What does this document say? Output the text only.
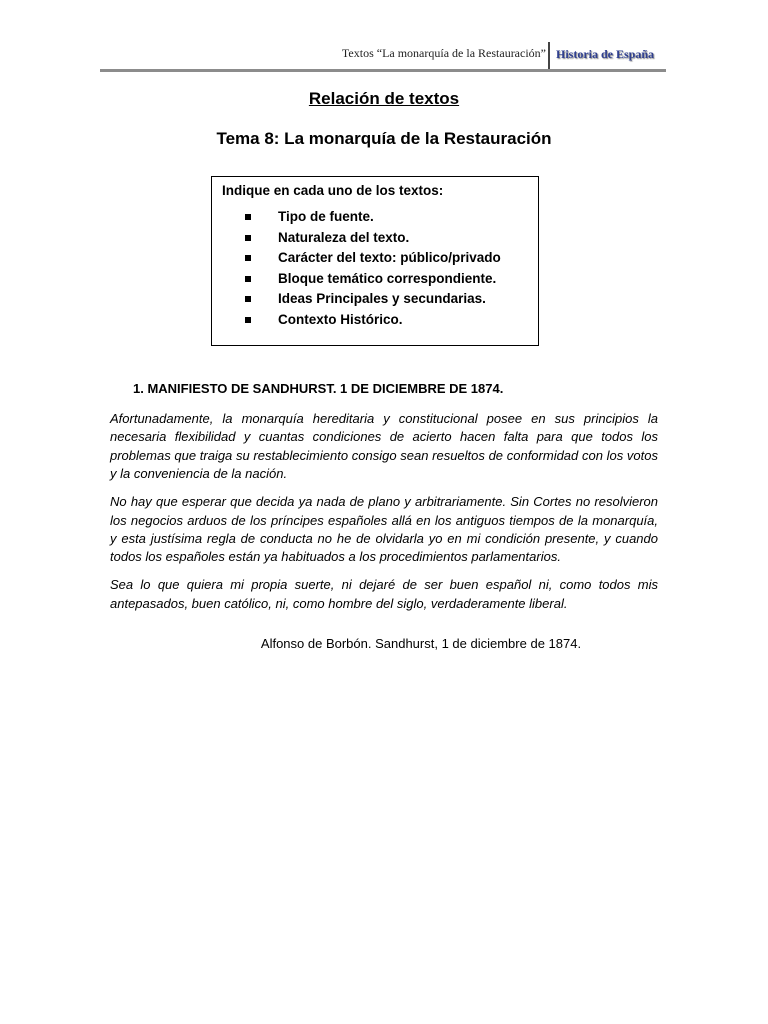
Textos “La monarquía de la Restauración” Historia de España
Relación de textos
Tema 8: La monarquía de la Restauración
Indique en cada uno de los textos:
Tipo de fuente.
Naturaleza del texto.
Carácter del texto: público/privado
Bloque temático correspondiente.
Ideas Principales y secundarias.
Contexto Histórico.
1. MANIFIESTO DE SANDHURST. 1 DE DICIEMBRE DE 1874.

Afortunadamente, la monarquía hereditaria y constitucional posee en sus principios la necesaria flexibilidad y cuantas condiciones de acierto hacen falta para que todos los problemas que traiga su restablecimiento consigo sean resueltos de conformidad con los votos y la conveniencia de la nación.

No hay que esperar que decida ya nada de plano y arbitrariamente. Sin Cortes no resolvieron los negocios arduos de los príncipes españoles allá en los antiguos tiempos de la monarquía, y esta justísima regla de conducta no he de olvidarla yo en mi condición presente, y cuando todos los españoles están ya habituados a los procedimientos parlamentarios.

Sea lo que quiera mi propia suerte, ni dejaré de ser buen español ni, como todos mis antepasados, buen católico, ni, como hombre del siglo, verdaderamente liberal.

Alfonso de Borbón. Sandhurst, 1 de diciembre de 1874.
